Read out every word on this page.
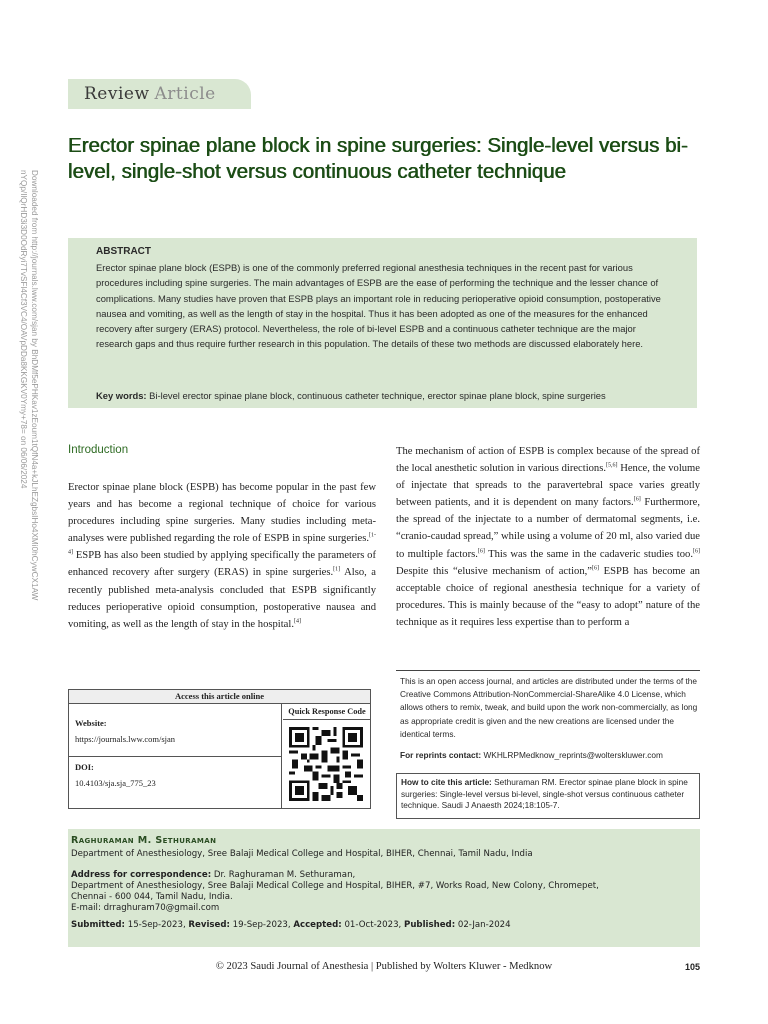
Downloaded from http://journals.lww.com/sjan by BhDMf5ePHKav1zEoum1tQfN4a+kJLhEZgbsIHo4XMi0hCywCX1AW
nYQp/IlQrHD3i3D0OdRyi7TvSFl4Cf3VC4/OAVpDDa8KKGKV0Ymy+78= on 06/06/2024
Review Article
Erector spinae plane block in spine surgeries: Single-level versus bi-level, single-shot versus continuous catheter technique
ABSTRACT
Erector spinae plane block (ESPB) is one of the commonly preferred regional anesthesia techniques in the recent past for various procedures including spine surgeries. The main advantages of ESPB are the ease of performing the technique and the lesser chance of complications. Many studies have proven that ESPB plays an important role in reducing perioperative opioid consumption, postoperative nausea and vomiting, as well as the length of stay in the hospital. Thus it has been adopted as one of the measures for the enhanced recovery after surgery (ERAS) protocol. Nevertheless, the role of bi-level ESPB and a continuous catheter technique are the major research gaps and thus require further research in this population. The details of these two methods are discussed elaborately here.
Key words: Bi-level erector spinae plane block, continuous catheter technique, erector spinae plane block, spine surgeries
Introduction
Erector spinae plane block (ESPB) has become popular in the past few years and has become a regional technique of choice for various procedures including spine surgeries. Many studies including meta-analyses were published regarding the role of ESPB in spine surgeries.[1-4] ESPB has also been studied by applying specifically the parameters of enhanced recovery after surgery (ERAS) in spine surgeries.[1] Also, a recently published meta-analysis concluded that ESPB significantly reduces perioperative opioid consumption, postoperative nausea and vomiting, as well as the length of stay in the hospital.[4]
The mechanism of action of ESPB is complex because of the spread of the local anesthetic solution in various directions.[5,6] Hence, the volume of injectate that spreads to the paravertebral space varies greatly between patients, and it is dependent on many factors.[6] Furthermore, the spread of the injectate to a number of dermatomal segments, i.e. “cranio-caudad spread,” while using a volume of 20 ml, also varied due to multiple factors.[6] This was the same in the cadaveric studies too.[6] Despite this “elusive mechanism of action,”[6] ESPB has become an acceptable choice of regional anesthesia technique for a variety of procedures. This is mainly because of the “easy to adopt” nature of the technique as it requires less expertise than to perform a
Access this article online
Website:
https://journals.lww.com/sjan
DOI:
10.4103/sja.sja_775_23
Quick Response Code
This is an open access journal, and articles are distributed under the terms of the Creative Commons Attribution-NonCommercial-ShareAlike 4.0 License, which allows others to remix, tweak, and build upon the work non-commercially, as long as appropriate credit is given and the new creations are licensed under the identical terms.
For reprints contact: WKHLRPMedknow_reprints@wolterskluwer.com
How to cite this article: Sethuraman RM. Erector spinae plane block in spine surgeries: Single-level versus bi-level, single-shot versus continuous catheter technique. Saudi J Anaesth 2024;18:105-7.
Raghuraman M. Sethuraman
Department of Anesthesiology, Sree Balaji Medical College and Hospital, BIHER, Chennai, Tamil Nadu, India
Address for correspondence: Dr. Raghuraman M. Sethuraman,
Department of Anesthesiology, Sree Balaji Medical College and Hospital, BIHER, #7, Works Road, New Colony, Chromepet,
Chennai - 600 044, Tamil Nadu, India.
E-mail: drraghuram70@gmail.com
Submitted: 15-Sep-2023, Revised: 19-Sep-2023, Accepted: 01-Oct-2023, Published: 02-Jan-2024
© 2023 Saudi Journal of Anesthesia | Published by Wolters Kluwer - Medknow	105
